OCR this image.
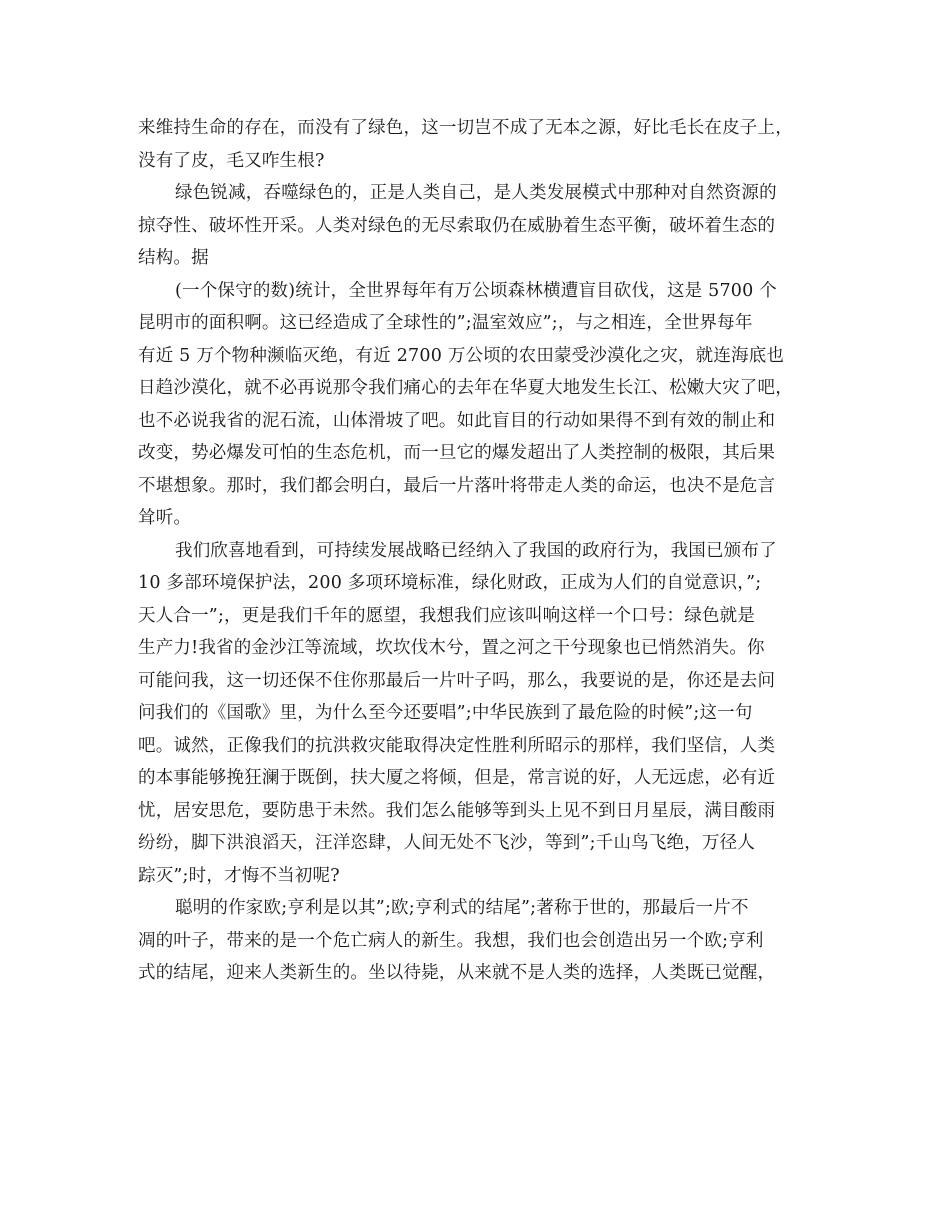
来维持生命的存在，而没有了绿色，这一切岂不成了无本之源，好比毛长在皮子上，
没有了皮，毛又咋生根?
绿色锐减，吞噬绿色的，正是人类自己，是人类发展模式中那种对自然资源的
掠夺性、破坏性开采。人类对绿色的无尽索取仍在威胁着生态平衡，破坏着生态的
结构。据
(一个保守的数)统计，全世界每年有万公顷森林横遭盲目砍伐，这是 5700 个
昆明市的面积啊。这已经造成了全球性的”;温室效应”;，与之相连，全世界每年
有近 5 万个物种濒临灭绝，有近 2700 万公顷的农田蒙受沙漠化之灾，就连海底也
日趋沙漠化，就不必再说那令我们痛心的去年在华夏大地发生长江、松嫩大灾了吧，
也不必说我省的泥石流，山体滑坡了吧。如此盲目的行动如果得不到有效的制止和
改变，势必爆发可怕的生态危机，而一旦它的爆发超出了人类控制的极限，其后果
不堪想象。那时，我们都会明白，最后一片落叶将带走人类的命运，也决不是危言
耸听。
我们欣喜地看到，可持续发展战略已经纳入了我国的政府行为，我国已颁布了
10 多部环境保护法，200 多项环境标准，绿化财政，正成为人们的自觉意识，”;
天人合一”;，更是我们千年的愿望，我想我们应该叫响这样一个口号：绿色就是
生产力!我省的金沙江等流域，坎坎伐木兮，置之河之干兮现象也已悄然消失。你
可能问我，这一切还保不住你那最后一片叶子吗，那么，我要说的是，你还是去问
问我们的《国歌》里，为什么至今还要唱”;中华民族到了最危险的时候”;这一句
吧。诚然，正像我们的抗洪救灾能取得决定性胜利所昭示的那样，我们坚信，人类
的本事能够挽狂澜于既倒，扶大厦之将倾，但是，常言说的好，人无远虑，必有近
忧，居安思危，要防患于未然。我们怎么能够等到头上见不到日月星辰，满目酸雨
纷纷，脚下洪浪滔天，汪洋恣肆，人间无处不飞沙，等到”;千山鸟飞绝，万径人
踪灭”;时，才悔不当初呢?
聪明的作家欧;亨利是以其”;欧;亨利式的结尾”;著称于世的，那最后一片不
凋的叶子，带来的是一个危亡病人的新生。我想，我们也会创造出另一个欧;亨利
式的结尾，迎来人类新生的。坐以待毙，从来就不是人类的选择，人类既已觉醒，
